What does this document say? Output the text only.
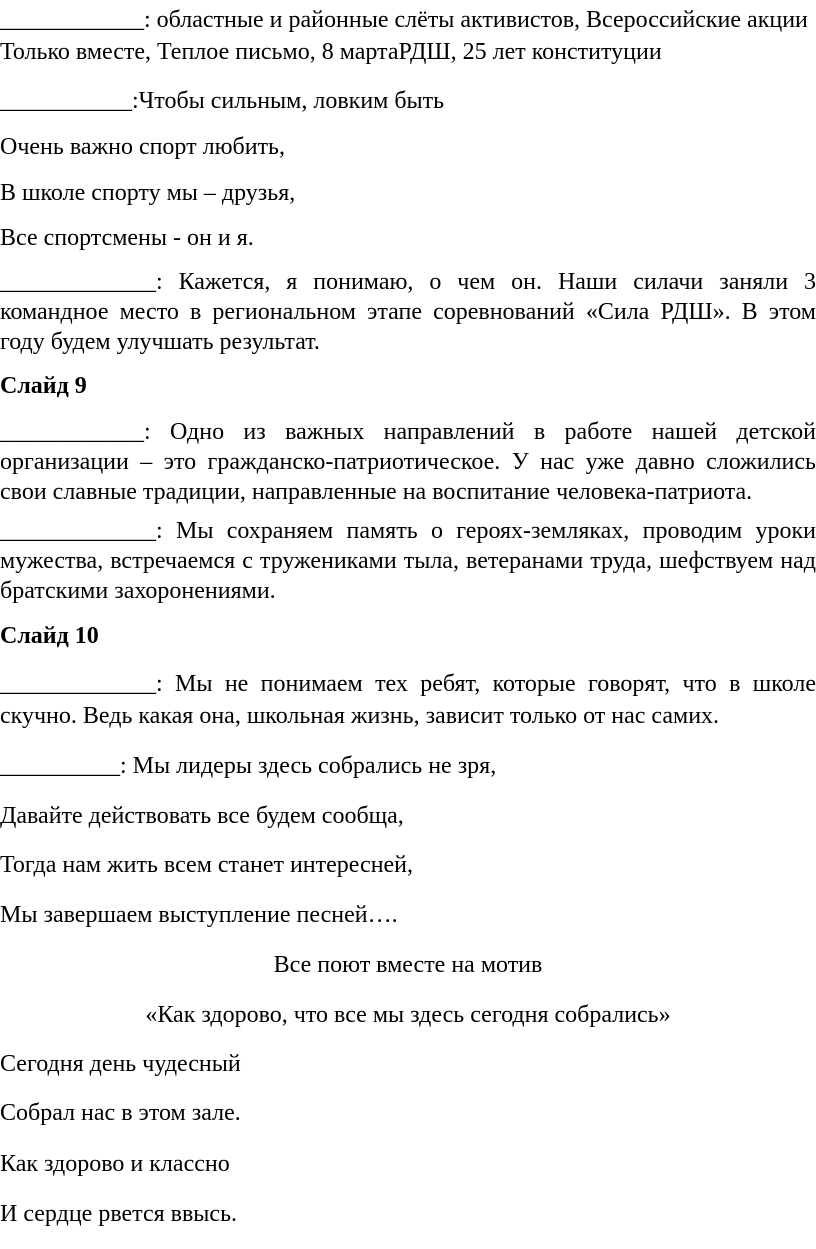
____________: областные и районные слёты активистов, Всероссийские акции
Только вместе, Теплое письмо, 8 мартаРДШ, 25 лет конституции
___________:Чтобы сильным, ловким быть
Очень важно спорт любить,
В школе спорту мы – друзья,
Все спортсмены - он и я.
_____________: Кажется, я понимаю, о чем он. Наши силачи заняли 3
командное место в региональном этапе соревнований «Сила РДШ». В этом
году будем улучшать результат.
Слайд 9
____________: Одно из важных направлений в работе нашей детской
организации – это гражданско-патриотическое. У нас уже давно сложились
свои славные традиции, направленные на воспитание человека-патриота.
_____________: Мы сохраняем память о героях-земляках, проводим уроки
мужества, встречаемся с тружениками тыла, ветеранами труда, шефствуем над
братскими захоронениями.
Слайд 10
_____________: Мы не понимаем тех ребят, которые говорят, что в школе
скучно. Ведь какая она, школьная жизнь, зависит только от нас самих.
__________: Мы лидеры здесь собрались не зря,
Давайте действовать все будем сообща,
Тогда нам жить всем станет интересней,
Мы завершаем выступление песней….
Все поют вместе на мотив
«Как здорово, что все мы здесь сегодня собрались»
Сегодня день чудесный
Собрал нас в этом зале.
Как здорово и классно
И сердце рвется ввысь.
